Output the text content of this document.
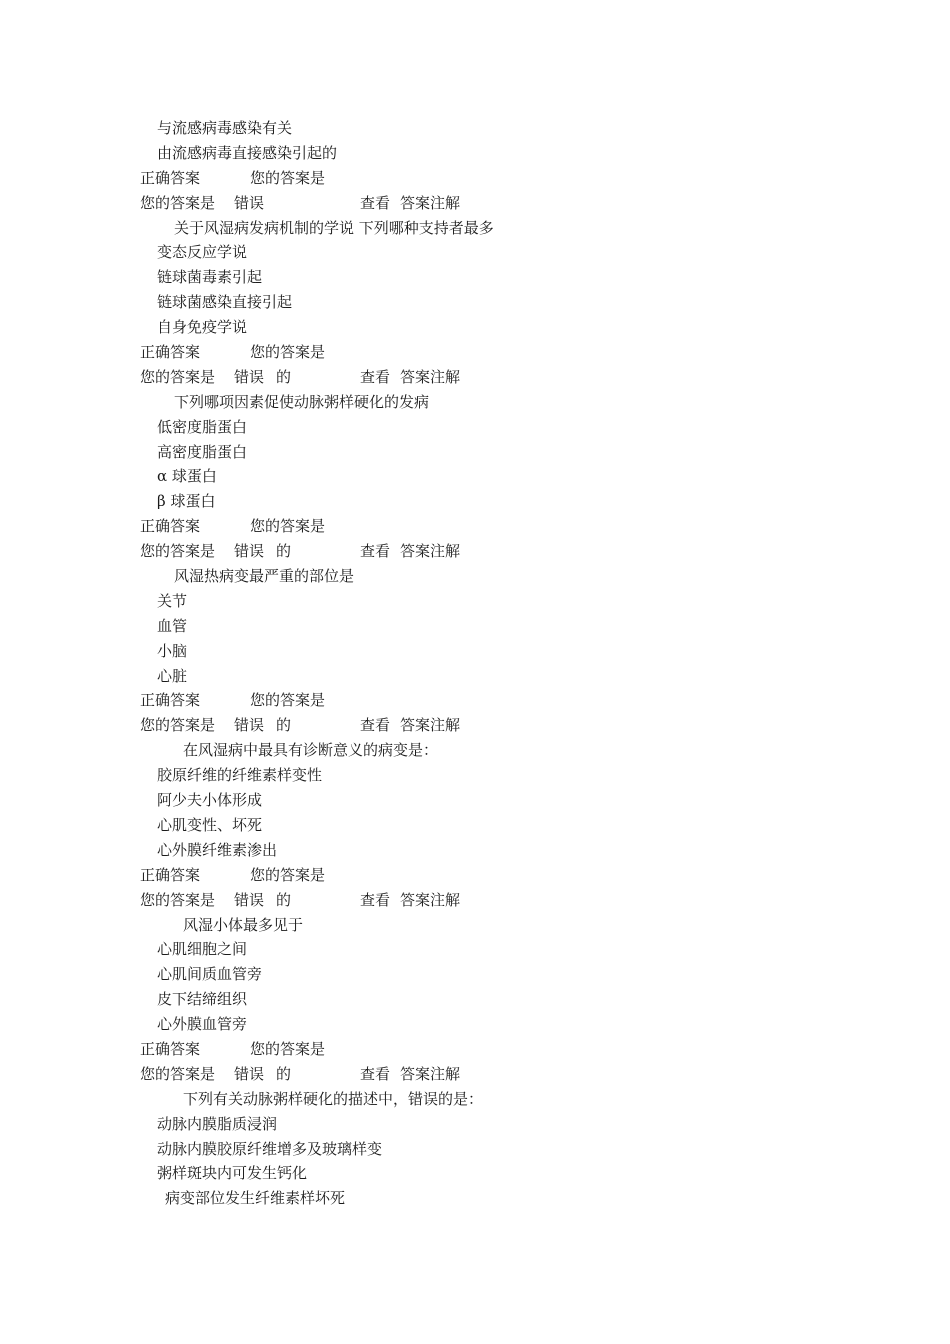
与流感病毒感染有关
由流感病毒直接感染引起的
正确答案	您的答案是
您的答案是 错误	查看 答案注解
关于风湿病发病机制的学说 下列哪种支持者最多
变态反应学说
链球菌毒素引起
链球菌感染直接引起
自身免疫学说
正确答案	您的答案是
您的答案是 错误 的	查看 答案注解
下列哪项因素促使动脉粥样硬化的发病
低密度脂蛋白
高密度脂蛋白
α 球蛋白
β 球蛋白
正确答案	您的答案是
您的答案是 错误 的	查看 答案注解
风湿热病变最严重的部位是
关节
血管
小脑
心脏
正确答案	您的答案是
您的答案是 错误 的	查看 答案注解
在风湿病中最具有诊断意义的病变是：
胶原纤维的纤维素样变性
阿少夫小体形成
心肌变性、坏死
心外膜纤维素渗出
正确答案	您的答案是
您的答案是 错误 的	查看 答案注解
风湿小体最多见于
心肌细胞之间
心肌间质血管旁
皮下结缔组织
心外膜血管旁
正确答案	您的答案是
您的答案是 错误 的	查看 答案注解
下列有关动脉粥样硬化的描述中，错误的是：
动脉内膜脂质浸润
动脉内膜胶原纤维增多及玻璃样变
粥样斑块内可发生钙化
病变部位发生纤维素样坏死
